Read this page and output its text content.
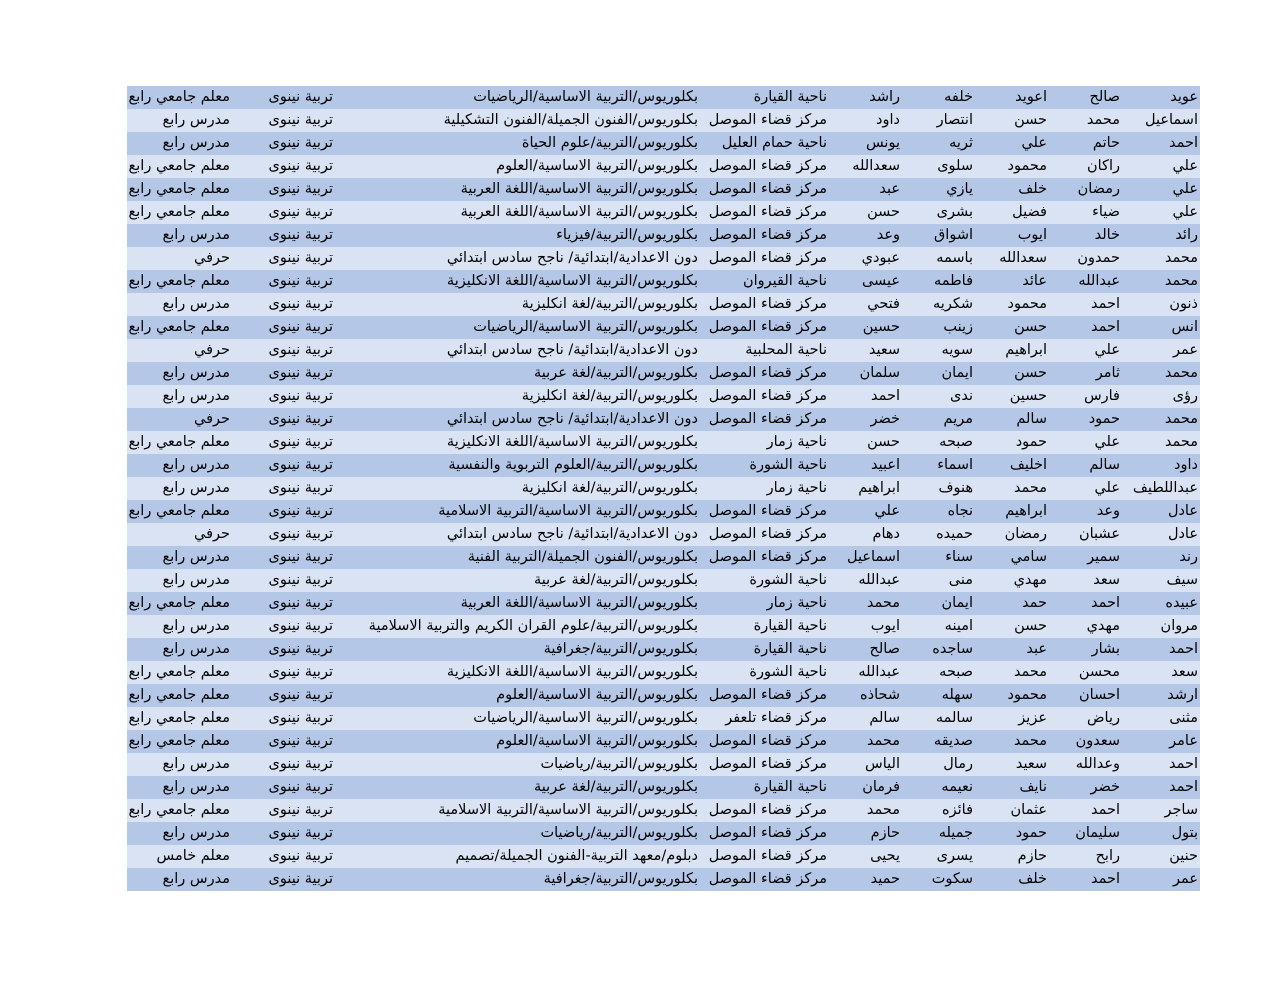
عويد
صالح
اعويد
خلفه
راشد
ناحية القيارة
بكلوريوس/التربية الاساسية/الرياضيات
تربية نينوى
معلم جامعي رابع
اسماعيل
محمد
حسن
انتصار
داود
مركز قضاء الموصل
بكلوريوس/الفنون الجميلة/الفنون التشكيلية
تربية نينوى
مدرس رابع
احمد
حاتم
علي
ثريه
يونس
ناحية حمام العليل
بكلوريوس/التربية/علوم الحياة
تربية نينوى
مدرس رابع
علي
راكان
محمود
سلوى
سعدالله
مركز قضاء الموصل
بكلوريوس/التربية الاساسية/العلوم
تربية نينوى
معلم جامعي رابع
علي
رمضان
خلف
يازي
عبد
مركز قضاء الموصل
بكلوريوس/التربية الاساسية/اللغة العربية
تربية نينوى
معلم جامعي رابع
علي
ضياء
فضيل
بشرى
حسن
مركز قضاء الموصل
بكلوريوس/التربية الاساسية/اللغة العربية
تربية نينوى
معلم جامعي رابع
رائد
خالد
ايوب
اشواق
وعد
مركز قضاء الموصل
بكلوريوس/التربية/فيزياء
تربية نينوى
مدرس رابع
محمد
حمدون
سعدالله
باسمه
عبودي
مركز قضاء الموصل
دون الاعدادية/ابتدائية/ ناجح سادس ابتدائي
تربية نينوى
حرفي
محمد
عبدالله
عائد
فاطمه
عيسى
ناحية القيروان
بكلوريوس/التربية الاساسية/اللغة الانكليزية
تربية نينوى
معلم جامعي رابع
ذنون
احمد
محمود
شكريه
فتحي
مركز قضاء الموصل
بكلوريوس/التربية/لغة انكليزية
تربية نينوى
مدرس رابع
انس
احمد
حسن
زينب
حسين
مركز قضاء الموصل
بكلوريوس/التربية الاساسية/الرياضيات
تربية نينوى
معلم جامعي رابع
عمر
علي
ابراهيم
سويه
سعيد
ناحية المحلبية
دون الاعدادية/ابتدائية/ ناجح سادس ابتدائي
تربية نينوى
حرفي
محمد
ثامر
حسن
ايمان
سلمان
مركز قضاء الموصل
بكلوريوس/التربية/لغة عربية
تربية نينوى
مدرس رابع
رؤى
فارس
حسين
ندى
احمد
مركز قضاء الموصل
بكلوريوس/التربية/لغة انكليزية
تربية نينوى
مدرس رابع
محمد
حمود
سالم
مريم
خضر
مركز قضاء الموصل
دون الاعدادية/ابتدائية/ ناجح سادس ابتدائي
تربية نينوى
حرفي
محمد
علي
حمود
صبحه
حسن
ناحية زمار
بكلوريوس/التربية الاساسية/اللغة الانكليزية
تربية نينوى
معلم جامعي رابع
داود
سالم
اخليف
اسماء
اعبيد
ناحية الشورة
بكلوريوس/التربية/العلوم التربوية والنفسية
تربية نينوى
مدرس رابع
عبداللطيف
علي
محمد
هنوف
ابراهيم
ناحية زمار
بكلوريوس/التربية/لغة انكليزية
تربية نينوى
مدرس رابع
عادل
وعد
ابراهيم
نجاه
علي
مركز قضاء الموصل
بكلوريوس/التربية الاساسية/التربية الاسلامية
تربية نينوى
معلم جامعي رابع
عادل
عشبان
رمضان
حميده
دهام
مركز قضاء الموصل
دون الاعدادية/ابتدائية/ ناجح سادس ابتدائي
تربية نينوى
حرفي
رند
سمير
سامي
سناء
اسماعيل
مركز قضاء الموصل
بكلوريوس/الفنون الجميلة/التربية الفنية
تربية نينوى
مدرس رابع
سيف
سعد
مهدي
منى
عبدالله
ناحية الشورة
بكلوريوس/التربية/لغة عربية
تربية نينوى
مدرس رابع
عبيده
احمد
حمد
ايمان
محمد
ناحية زمار
بكلوريوس/التربية الاساسية/اللغة العربية
تربية نينوى
معلم جامعي رابع
مروان
مهدي
حسن
امينه
ايوب
ناحية القيارة
بكلوريوس/التربية/علوم القران الكريم والتربية الاسلامية
تربية نينوى
مدرس رابع
احمد
بشار
عبد
ساجده
صالح
ناحية القيارة
بكلوريوس/التربية/جغرافية
تربية نينوى
مدرس رابع
سعد
محسن
محمد
صبحه
عبدالله
ناحية الشورة
بكلوريوس/التربية الاساسية/اللغة الانكليزية
تربية نينوى
معلم جامعي رابع
ارشد
احسان
محمود
سهله
شحاذه
مركز قضاء الموصل
بكلوريوس/التربية الاساسية/العلوم
تربية نينوى
معلم جامعي رابع
مثنى
رياض
عزيز
سالمه
سالم
مركز قضاء تلعفر
بكلوريوس/التربية الاساسية/الرياضيات
تربية نينوى
معلم جامعي رابع
عامر
سعدون
محمد
صديقه
محمد
مركز قضاء الموصل
بكلوريوس/التربية الاساسية/العلوم
تربية نينوى
معلم جامعي رابع
احمد
وعدالله
سعيد
رمال
الياس
مركز قضاء الموصل
بكلوريوس/التربية/رياضيات
تربية نينوى
مدرس رابع
احمد
خضر
نايف
نعيمه
فرمان
ناحية القيارة
بكلوريوس/التربية/لغة عربية
تربية نينوى
مدرس رابع
ساجر
احمد
عثمان
فائزه
محمد
مركز قضاء الموصل
بكلوريوس/التربية الاساسية/التربية الاسلامية
تربية نينوى
معلم جامعي رابع
بتول
سليمان
حمود
جميله
حازم
مركز قضاء الموصل
بكلوريوس/التربية/رياضيات
تربية نينوى
مدرس رابع
حنين
رابح
حازم
يسرى
يحيى
مركز قضاء الموصل
دبلوم/معهد التربية-الفنون الجميلة/تصميم
تربية نينوى
معلم خامس
عمر
احمد
خلف
سكوت
حميد
مركز قضاء الموصل
بكلوريوس/التربية/جغرافية
تربية نينوى
مدرس رابع
